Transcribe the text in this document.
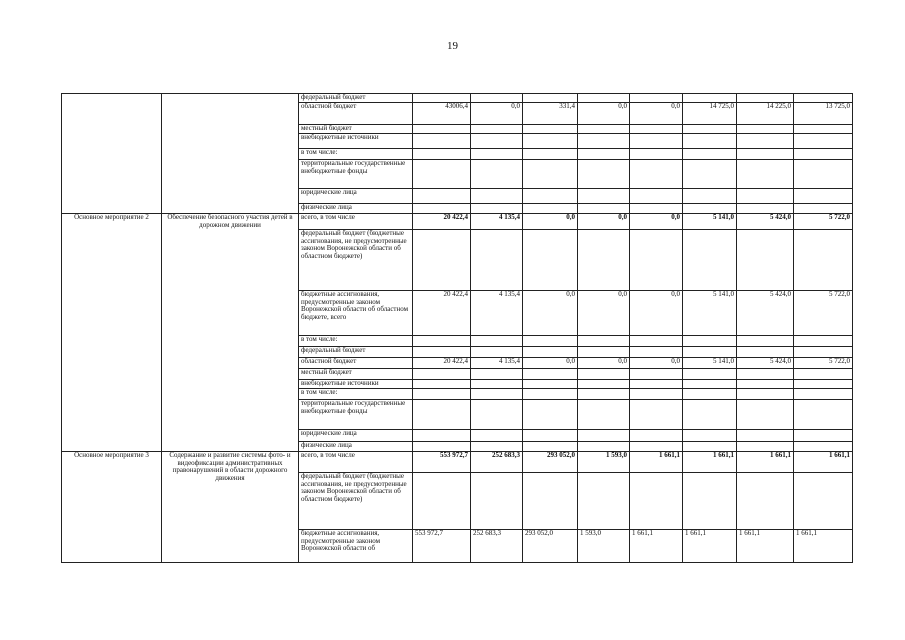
19
		федеральный бюджет								
		областной бюджет	43006,4	0,0	331,4	0,0	0,0	14 725,0	14 225,0	13 725,0
		местный бюджет								
		внебюджетные источники								
		в том числе:								
		территориальные государственные внебюджетные фонды								
		юридические лица								
		физические лица								
Основное мероприятие 2	Обеспечение безопасного участия детей в дорожном движении	всего, в том числе	20 422,4	4 135,4	0,0	0,0	0,0	5 141,0	5 424,0	5 722,0
		федеральный бюджет (бюджетные ассигнования, не предусмотренные законом Воронежской области об областном бюджете)								
		бюджетные ассигнования, предусмотренные законом Воронежской области об областном бюджете, всего	20 422,4	4 135,4	0,0	0,0	0,0	5 141,0	5 424,0	5 722,0
		в том числе:								
		федеральный бюджет								
		областной бюджет	20 422,4	4 135,4	0,0	0,0	0,0	5 141,0	5 424,0	5 722,0
		местный бюджет								
		внебюджетные источники								
		в том числе:								
		территориальные государственные внебюджетные фонды								
		юридические лица								
		физические лица								
Основное мероприятие 3	Содержание и развитие системы фото- и видеофиксации административных правонарушений в области дорожного движения	всего, в том числе	553 972,7	252 683,3	293 052,0	1 593,0	1 661,1	1 661,1	1 661,1	1 661,1
		федеральный бюджет (бюджетные ассигнования, не предусмотренные законом Воронежской области об областном бюджете)								
		бюджетные ассигнования, предусмотренные законом Воронежской области об	553 972,7	252 683,3	293 052,0	1 593,0	1 661,1	1 661,1	1 661,1	1 661,1
